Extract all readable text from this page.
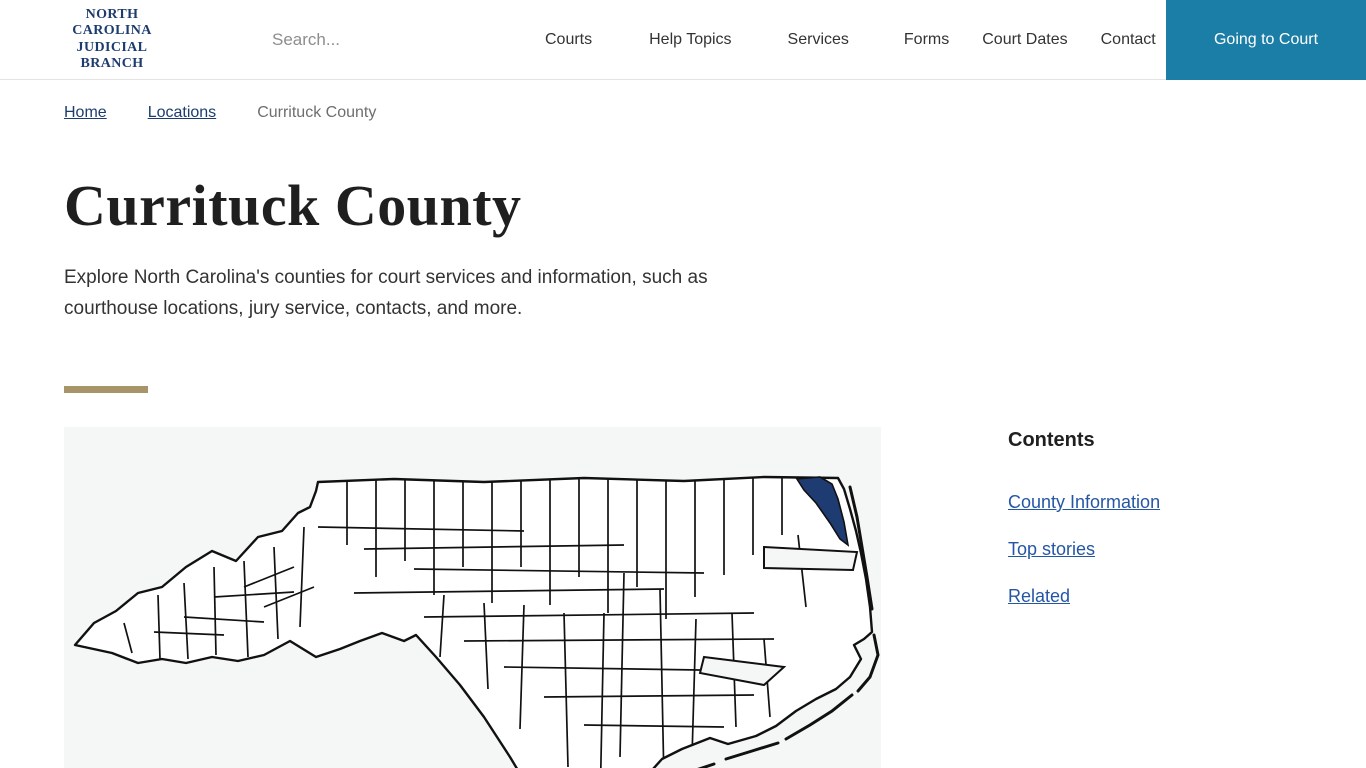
NORTH
CAROLINA
JUDICIAL
BRANCH
Search...
Courts	Help Topics	Services	Forms Court Dates Contact	Going to Court
Home	Locations	Currituck County
Currituck County

Explore North Carolina's counties for court services and information, such as courthouse locations, jury service, contacts, and more.

Contents
County Information
Top stories
Related
